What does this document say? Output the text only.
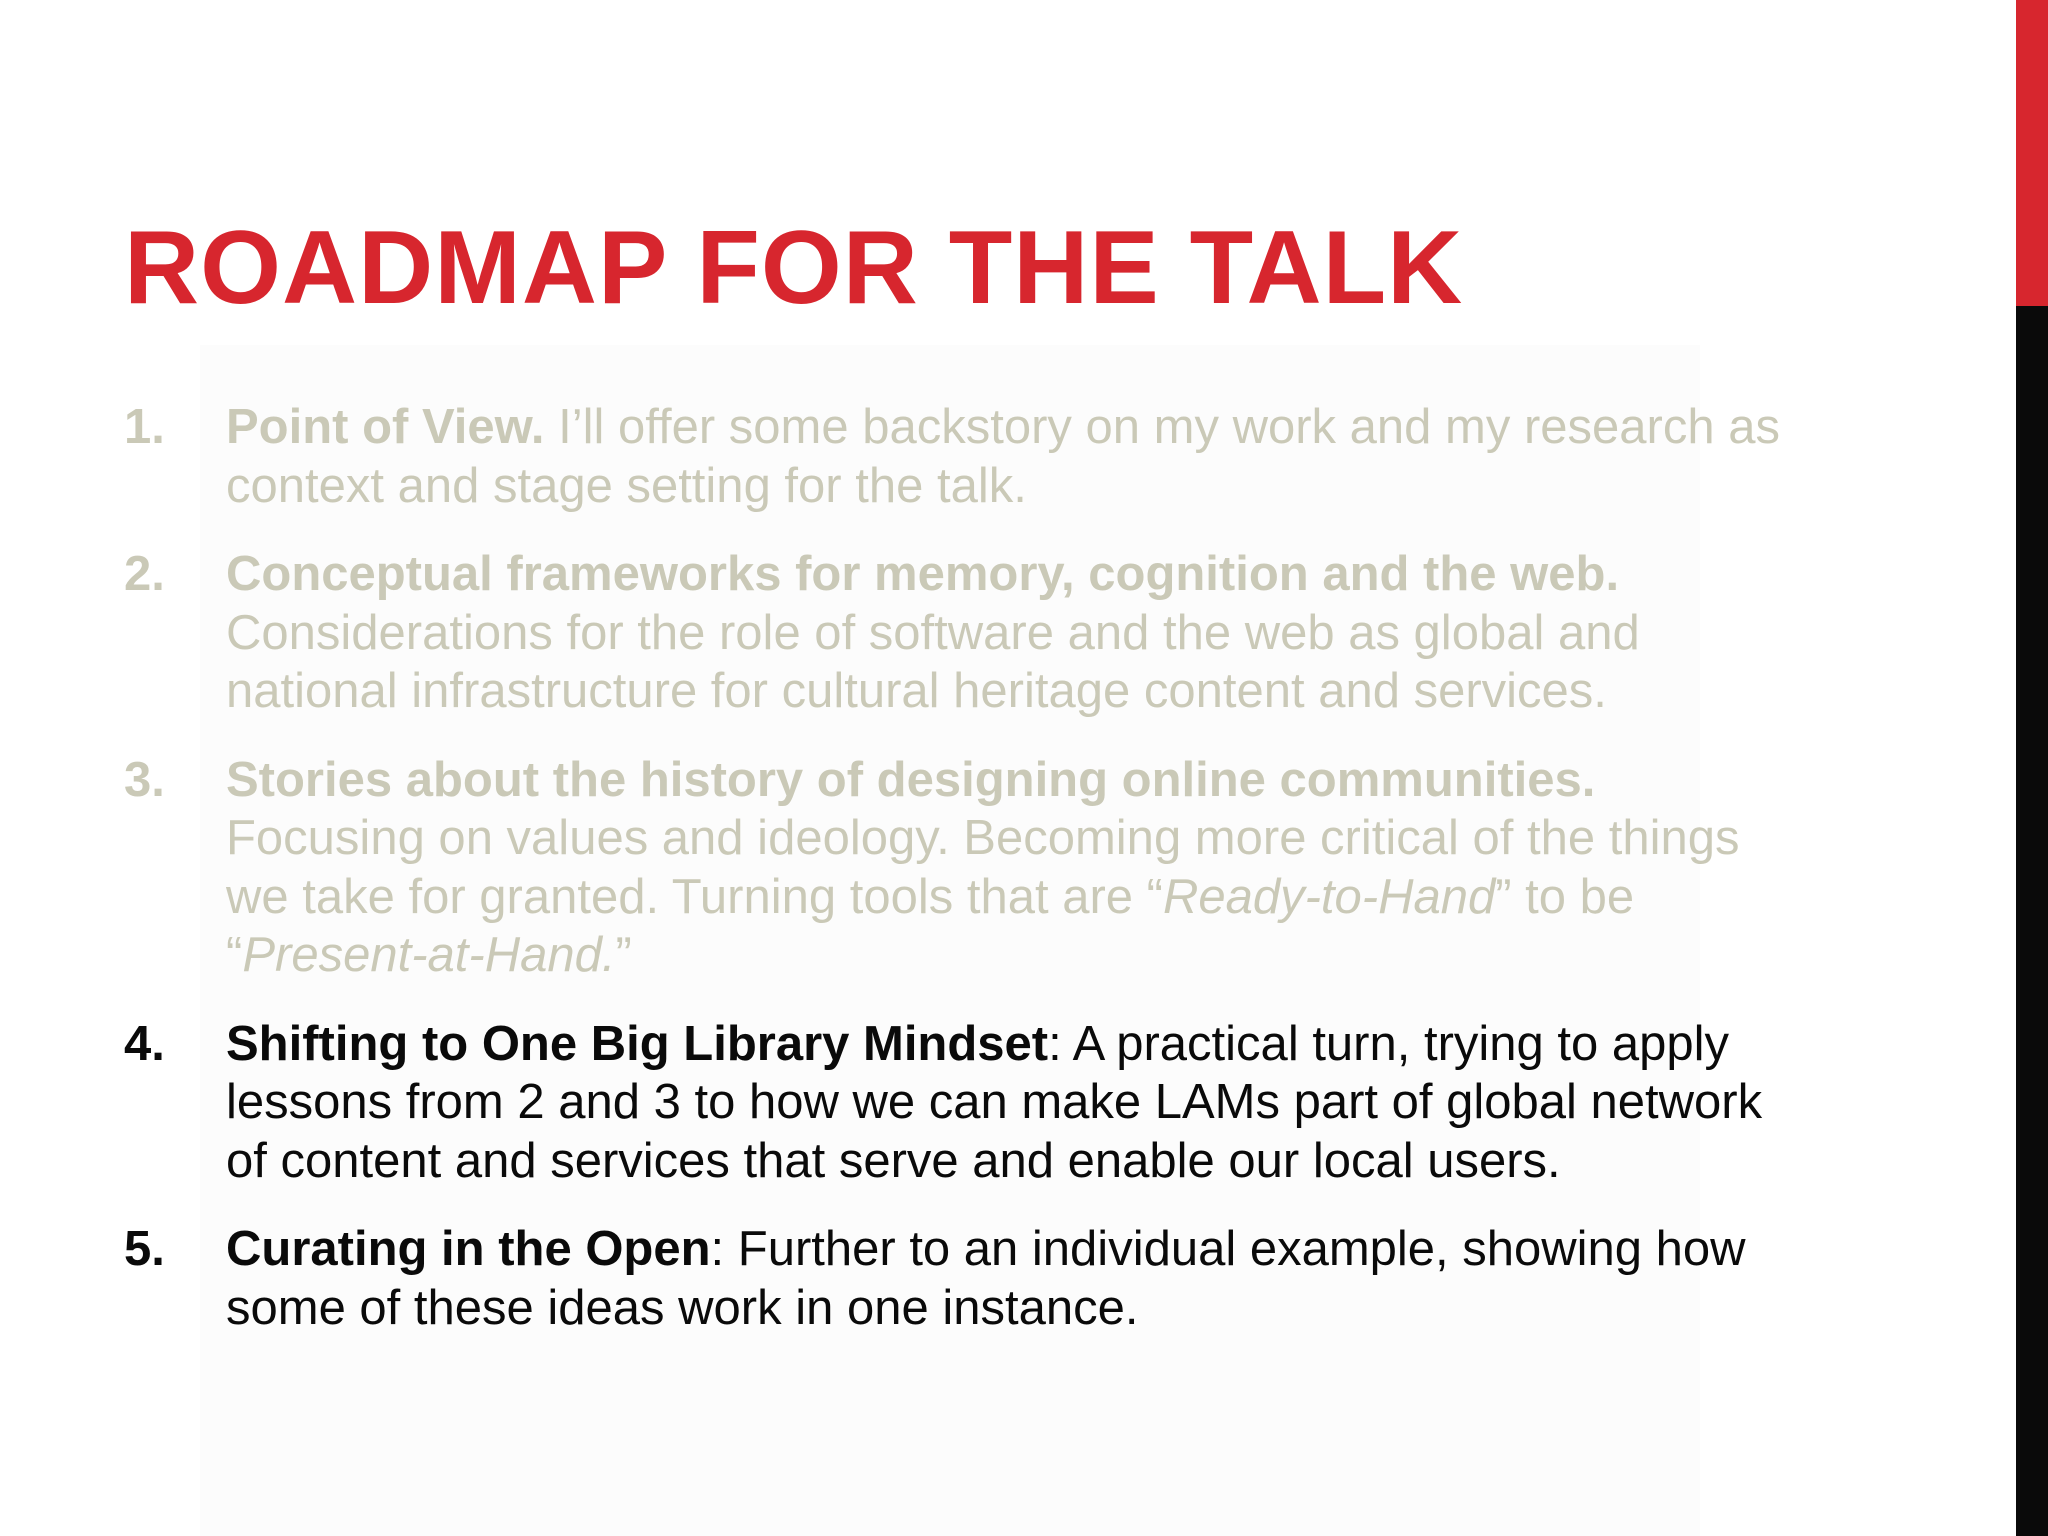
ROADMAP FOR THE TALK
1. Point of View. I’ll offer some backstory on my work and my research as context and stage setting for the talk.
2. Conceptual frameworks for memory, cognition and the web. Considerations for the role of software and the web as global and national infrastructure for cultural heritage content and services.
3. Stories about the history of designing online communities. Focusing on values and ideology. Becoming more critical of the things we take for granted. Turning tools that are “Ready-to-Hand” to be “Present-at-Hand.”
4. Shifting to One Big Library Mindset: A practical turn, trying to apply lessons from 2 and 3 to how we can make LAMs part of global network of content and services that serve and enable our local users.
5. Curating in the Open: Further to an individual example, showing how some of these ideas work in one instance.
